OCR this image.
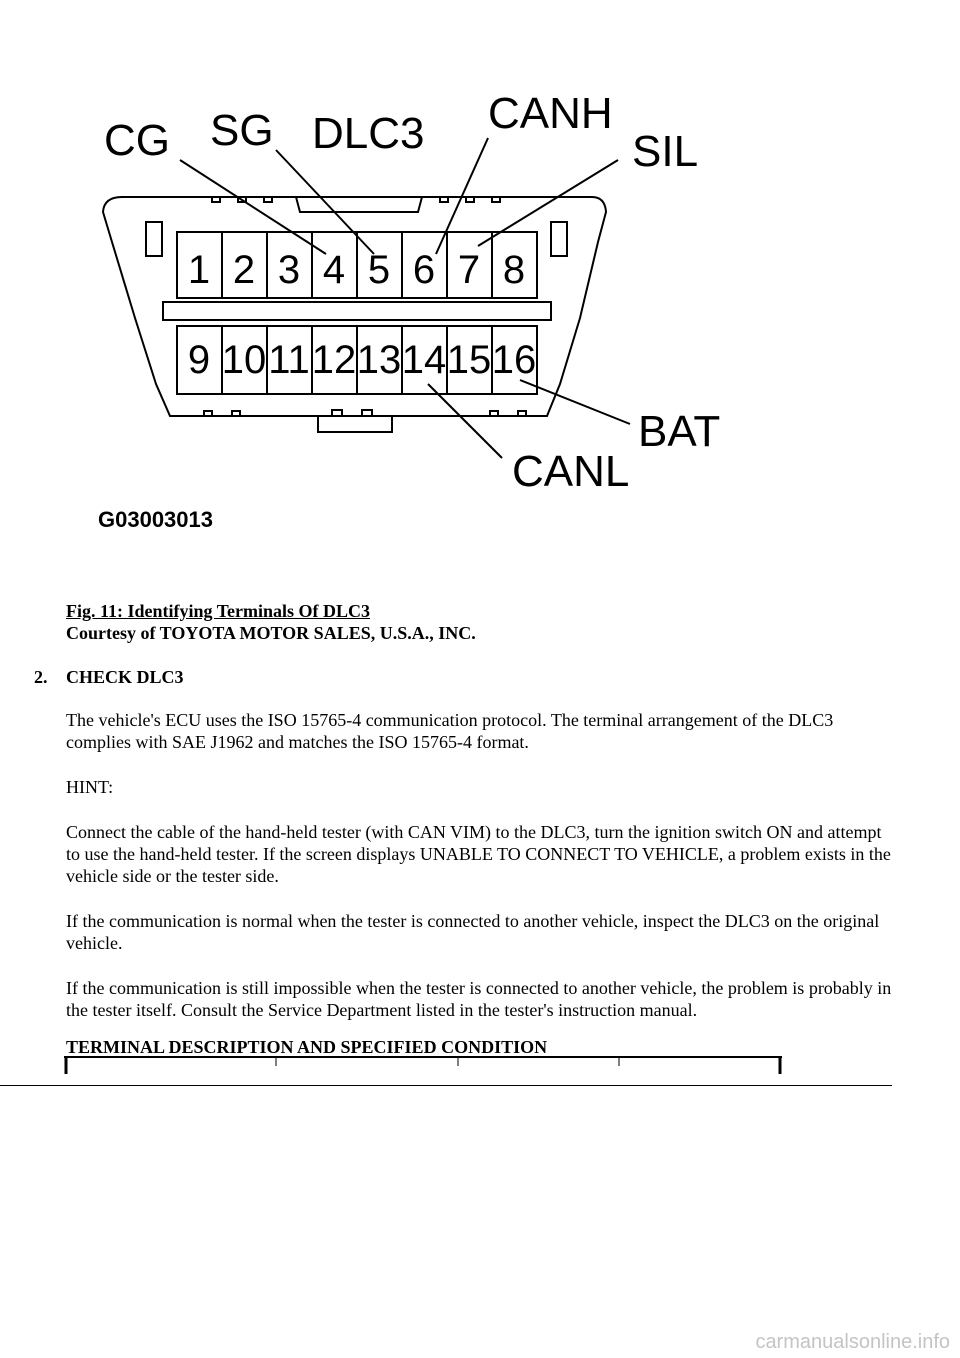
1 2 3 4 5 6 7 8
9 10 11 12 13 14 15 16
CG SG DLC3 CANH
SIL
BAT
CANL
G03003013
Fig. 11: Identifying Terminals Of DLC3
Courtesy of TOYOTA MOTOR SALES, U.S.A., INC.
2. CHECK DLC3

The vehicle's ECU uses the ISO 15765-4 communication protocol. The terminal arrangement of the DLC3 complies with SAE J1962 and matches the ISO 15765-4 format.

HINT:

Connect the cable of the hand-held tester (with CAN VIM) to the DLC3, turn the ignition switch ON and attempt to use the hand-held tester. If the screen displays UNABLE TO CONNECT TO VEHICLE, a problem exists in the vehicle side or the tester side.

If the communication is normal when the tester is connected to another vehicle, inspect the DLC3 on the original vehicle.

If the communication is still impossible when the tester is connected to another vehicle, the problem is probably in the tester itself. Consult the Service Department listed in the tester's instruction manual.

TERMINAL DESCRIPTION AND SPECIFIED CONDITION
carmanualsonline.info
